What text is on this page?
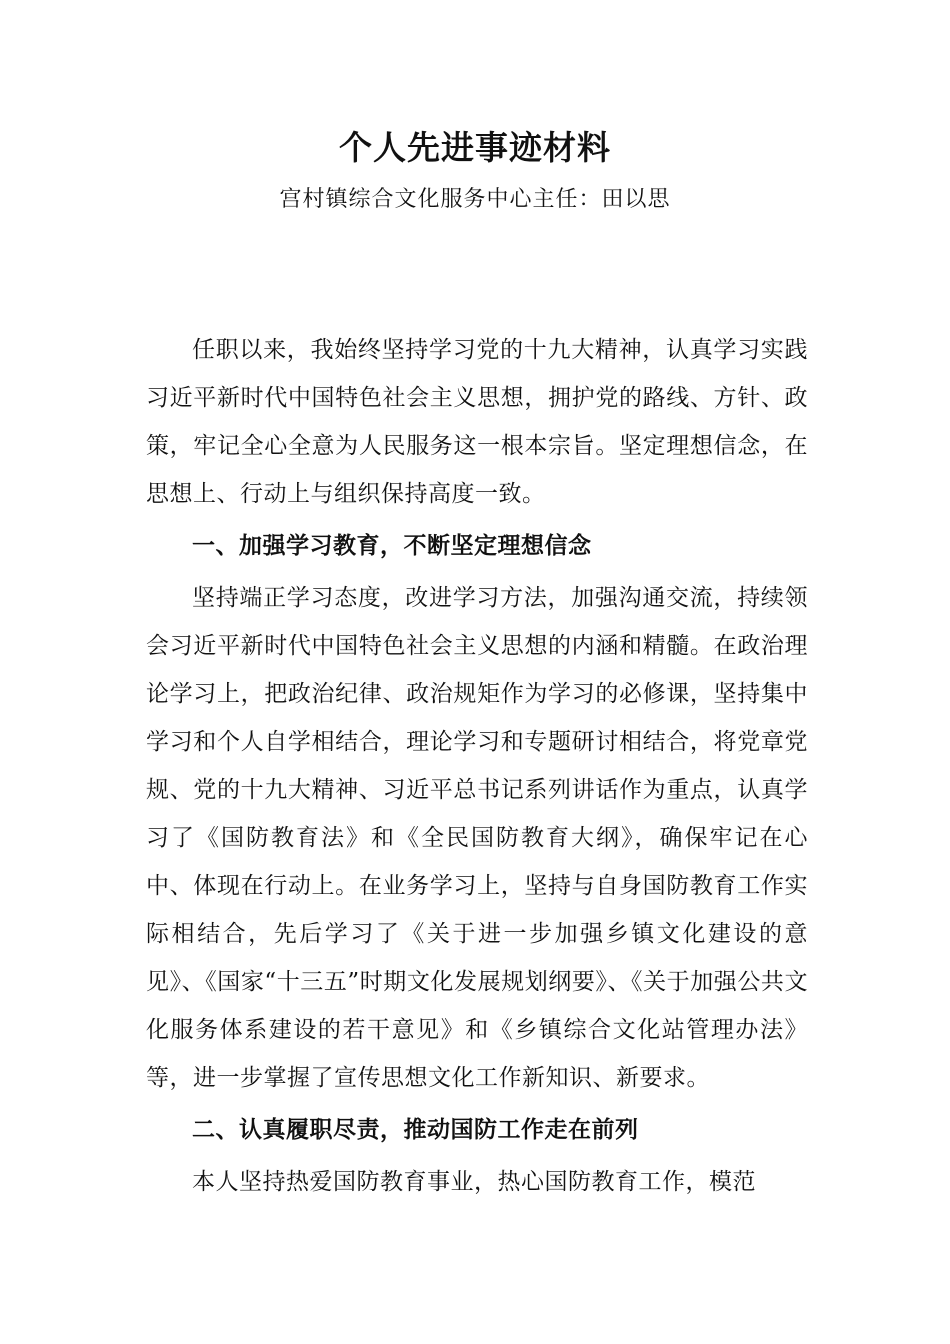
个人先进事迹材料
宫村镇综合文化服务中心主任：田以思

任职以来，我始终坚持学习党的十九大精神，认真学习实践习近平新时代中国特色社会主义思想，拥护党的路线、方针、政策，牢记全心全意为人民服务这一根本宗旨。坚定理想信念，在思想上、行动上与组织保持高度一致。

一、加强学习教育，不断坚定理想信念

坚持端正学习态度，改进学习方法，加强沟通交流，持续领会习近平新时代中国特色社会主义思想的内涵和精髓。在政治理论学习上，把政治纪律、政治规矩作为学习的必修课，坚持集中学习和个人自学相结合，理论学习和专题研讨相结合，将党章党规、党的十九大精神、习近平总书记系列讲话作为重点，认真学习了《国防教育法》和《全民国防教育大纲》，确保牢记在心中、体现在行动上。在业务学习上，坚持与自身国防教育工作实际相结合，先后学习了《关于进一步加强乡镇文化建设的意见》、《国家“十三五”时期文化发展规划纲要》、《关于加强公共文化服务体系建设的若干意见》和《乡镇综合文化站管理办法》等，进一步掌握了宣传思想文化工作新知识、新要求。

二、认真履职尽责，推动国防工作走在前列

本人坚持热爱国防教育事业，热心国防教育工作，模范
